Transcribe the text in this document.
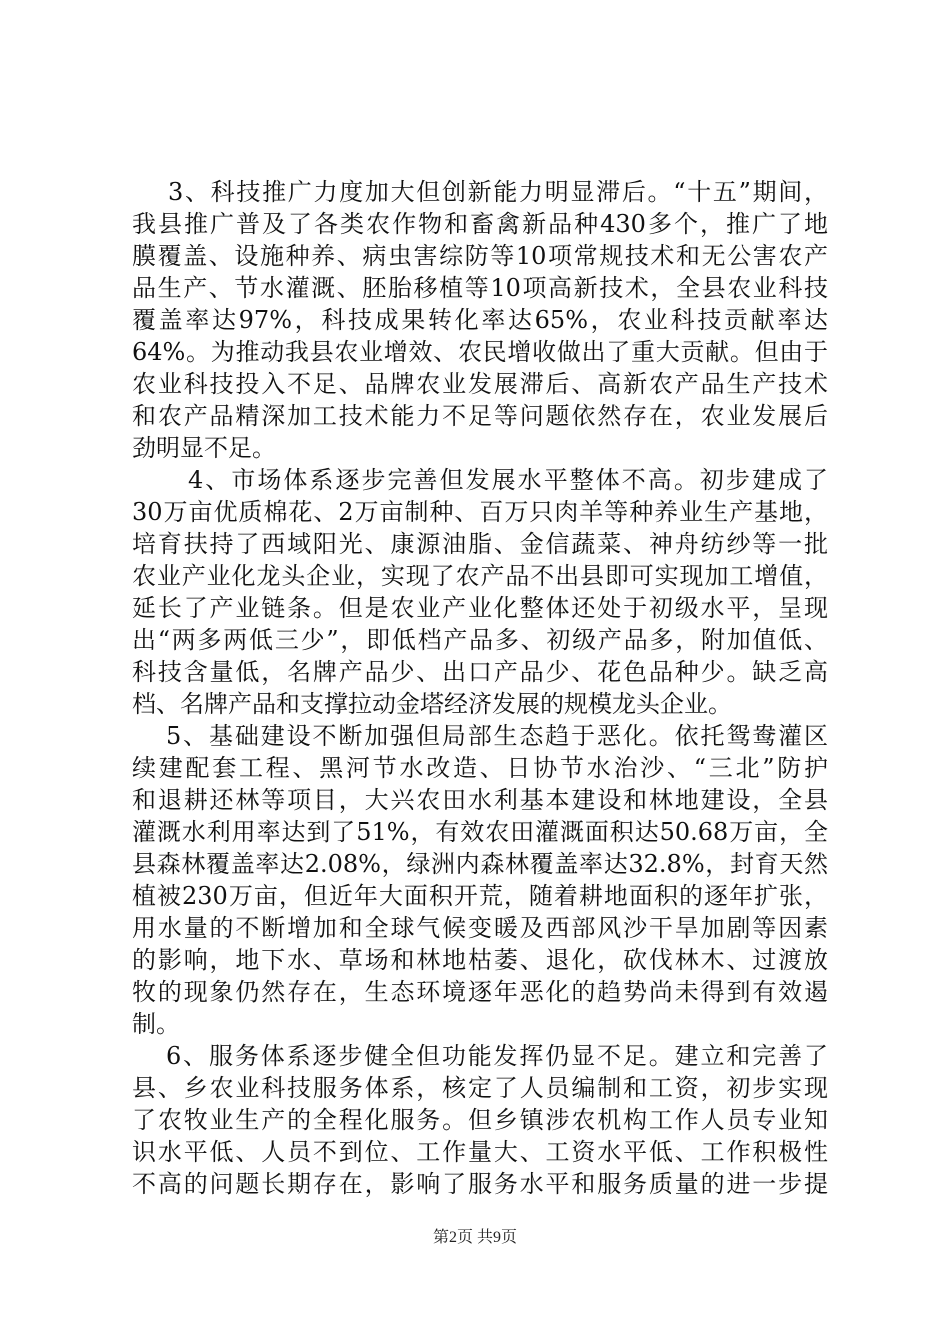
3、科技推广力度加大但创新能力明显滞后。“十五”期间，
我县推广普及了各类农作物和畜禽新品种430多个，推广了地
膜覆盖、设施种养、病虫害综防等10项常规技术和无公害农产
品生产、节水灌溉、胚胎移植等10项高新技术，全县农业科技
覆盖率达97%，科技成果转化率达65%，农业科技贡献率达
64%。为推动我县农业增效、农民增收做出了重大贡献。但由于
农业科技投入不足、品牌农业发展滞后、高新农产品生产技术
和农产品精深加工技术能力不足等问题依然存在，农业发展后
劲明显不足。
4、市场体系逐步完善但发展水平整体不高。初步建成了
30万亩优质棉花、2万亩制种、百万只肉羊等种养业生产基地，
培育扶持了西域阳光、康源油脂、金信蔬菜、神舟纺纱等一批
农业产业化龙头企业，实现了农产品不出县即可实现加工增值，
延长了产业链条。但是农业产业化整体还处于初级水平，呈现
出“两多两低三少”，即低档产品多、初级产品多，附加值低、
科技含量低，名牌产品少、出口产品少、花色品种少。缺乏高
档、名牌产品和支撑拉动金塔经济发展的规模龙头企业。
5、基础建设不断加强但局部生态趋于恶化。依托鸳鸯灌区
续建配套工程、黑河节水改造、日协节水治沙、“三北”防护
和退耕还林等项目，大兴农田水利基本建设和林地建设，全县
灌溉水利用率达到了51%，有效农田灌溉面积达50.68万亩，全
县森林覆盖率达2.08%，绿洲内森林覆盖率达32.8%，封育天然
植被230万亩，但近年大面积开荒，随着耕地面积的逐年扩张，
用水量的不断增加和全球气候变暖及西部风沙干旱加剧等因素
的影响，地下水、草场和林地枯萎、退化，砍伐林木、过渡放
牧的现象仍然存在，生态环境逐年恶化的趋势尚未得到有效遏
制。
6、服务体系逐步健全但功能发挥仍显不足。建立和完善了
县、乡农业科技服务体系，核定了人员编制和工资，初步实现
了农牧业生产的全程化服务。但乡镇涉农机构工作人员专业知
识水平低、人员不到位、工作量大、工资水平低、工作积极性
不高的问题长期存在，影响了服务水平和服务质量的进一步提
第2页 共9页
